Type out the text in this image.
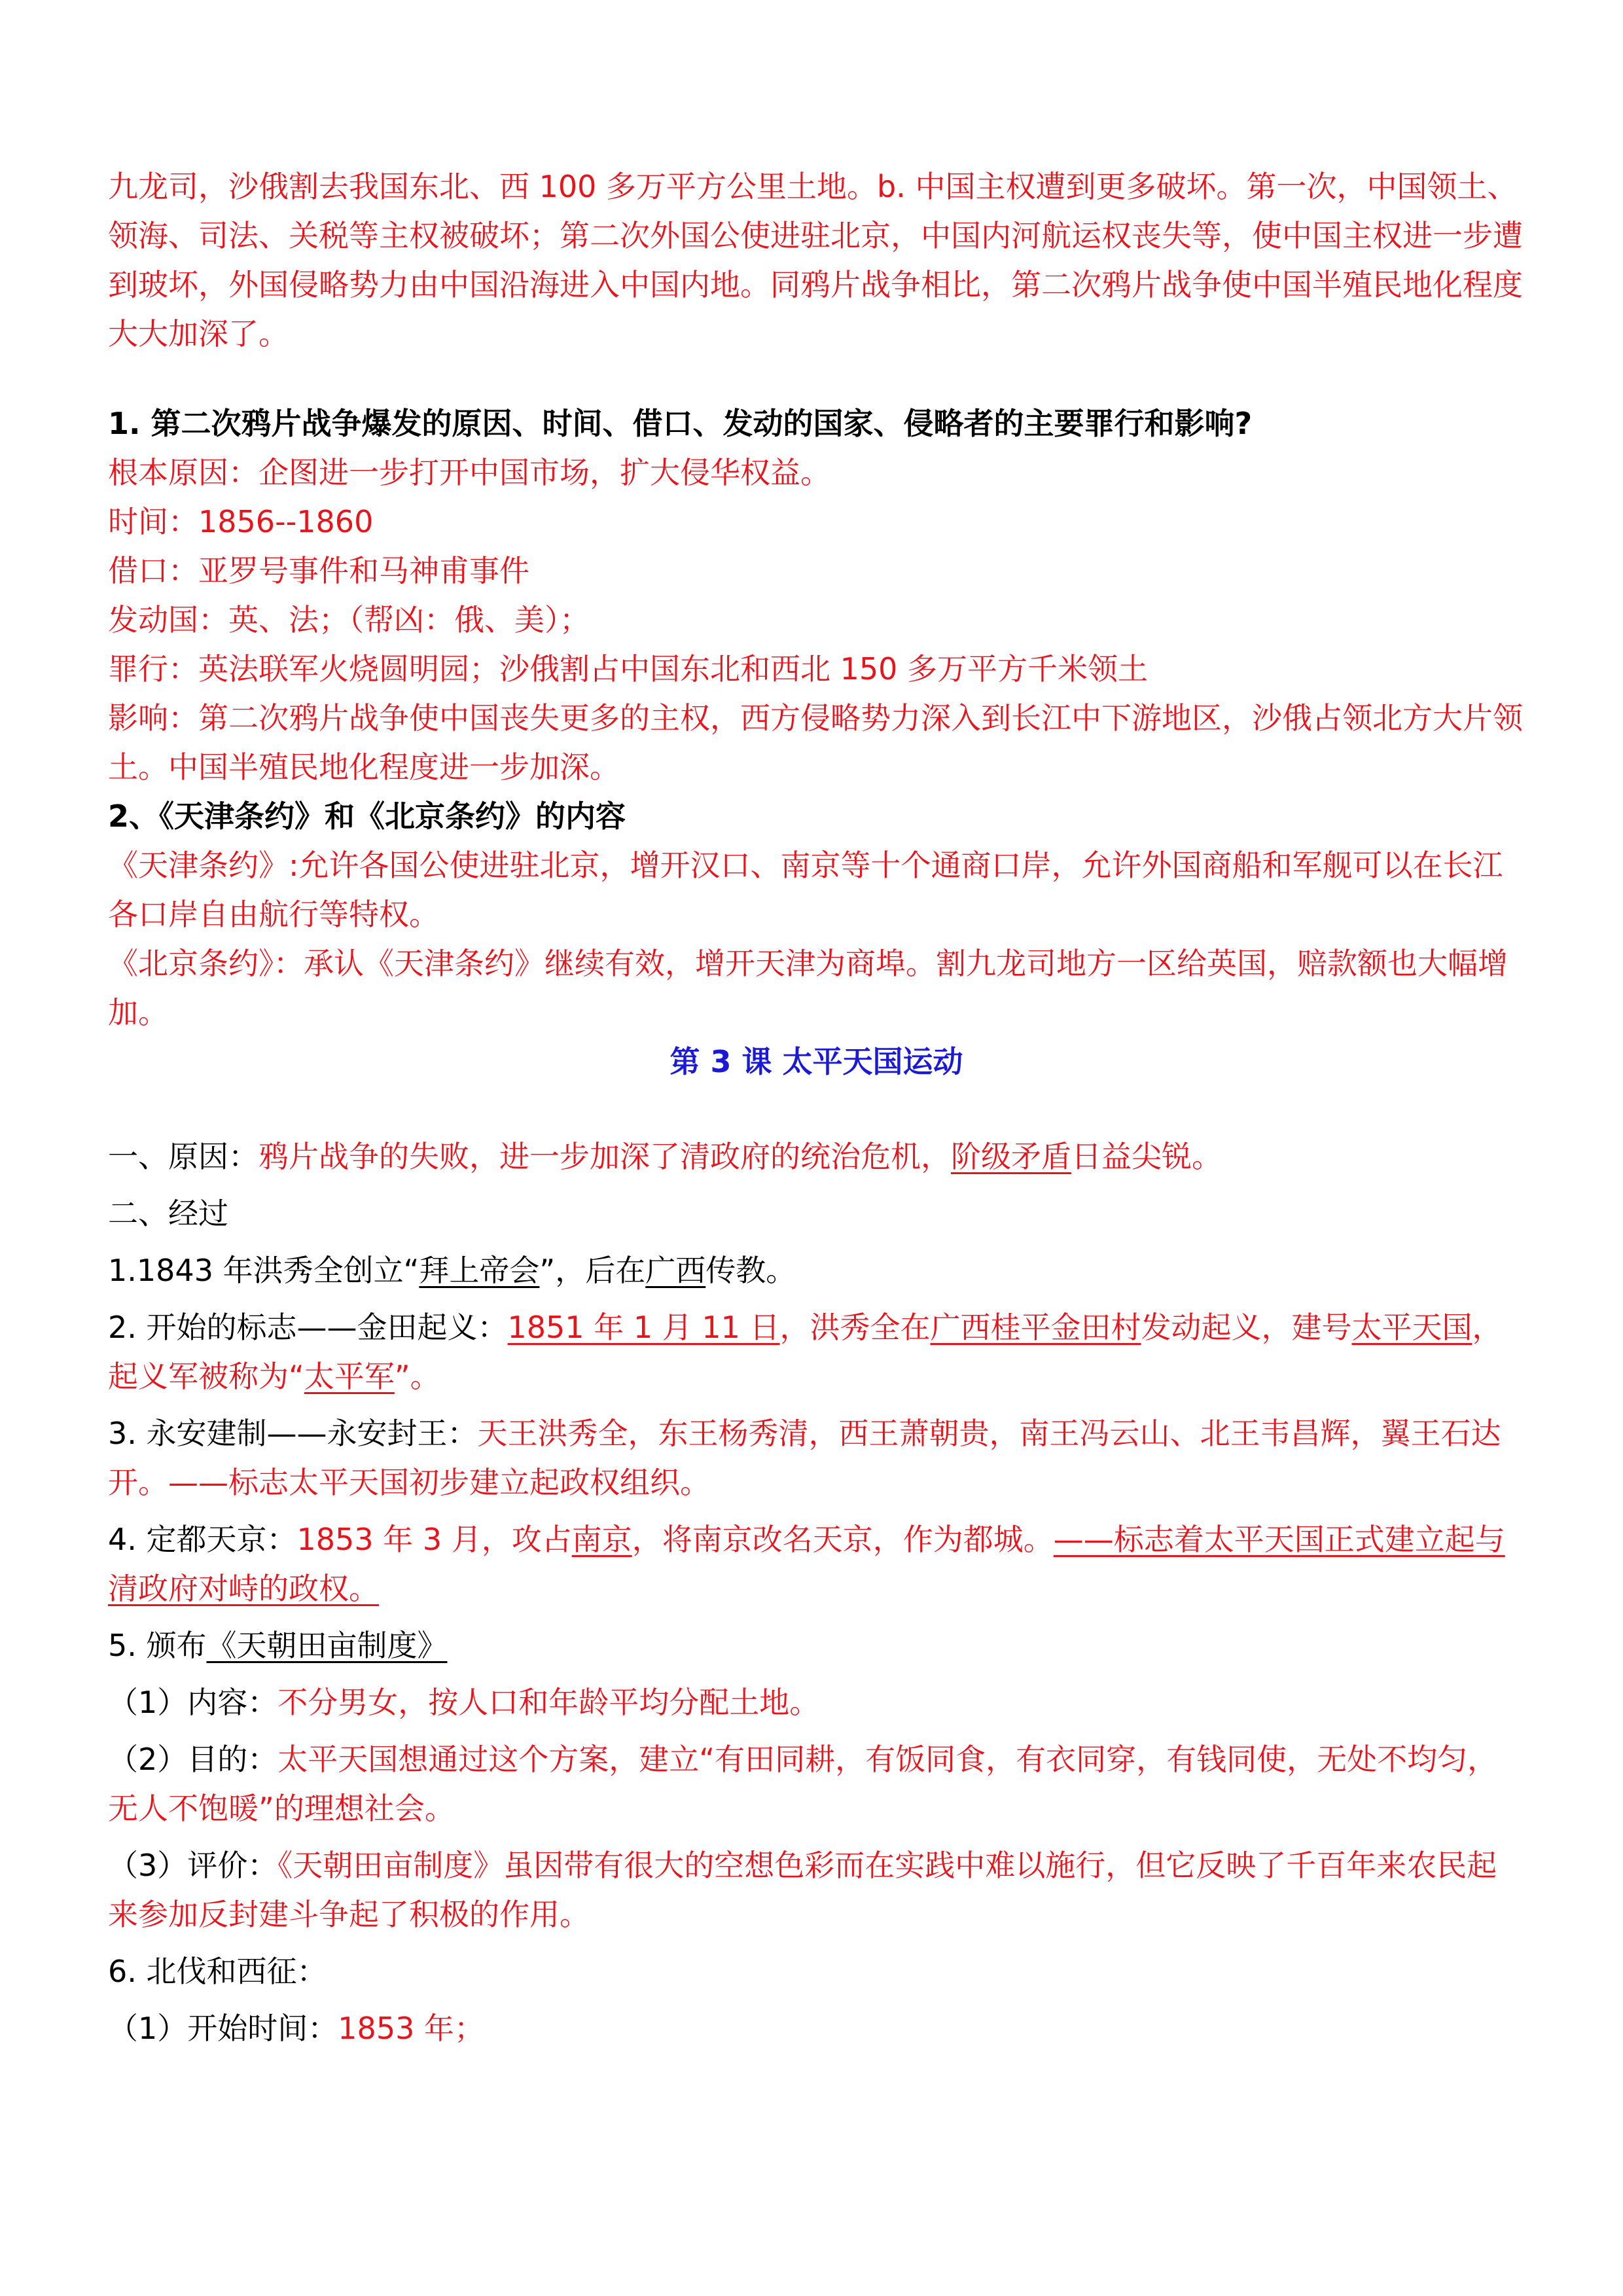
九龙司，沙俄割去我国东北、西 100 多万平方公里土地。b. 中国主权遭到更多破坏。第一次，中国领土、领海、司法、关税等主权被破坏；第二次外国公使进驻北京，中国内河航运权丧失等，使中国主权进一步遭到玻坏，外国侵略势力由中国沿海进入中国内地。同鸦片战争相比，第二次鸦片战争使中国半殖民地化程度大大加深了。

1. 第二次鸦片战争爆发的原因、时间、借口、发动的国家、侵略者的主要罪行和影响?

根本原因：企图进一步打开中国市场，扩大侵华权益。

时间：1856--1860

借口：亚罗号事件和马神甫事件

发动国：英、法；（帮凶：俄、美）；

罪行：英法联军火烧圆明园；沙俄割占中国东北和西北 150 多万平方千米领土

影响：第二次鸦片战争使中国丧失更多的主权，西方侵略势力深入到长江中下游地区，沙俄占领北方大片领土。中国半殖民地化程度进一步加深。

2、《天津条约》和《北京条约》的内容

《天津条约》:允许各国公使进驻北京，增开汉口、南京等十个通商口岸，允许外国商船和军舰可以在长江各口岸自由航行等特权。

《北京条约》：承认《天津条约》继续有效，增开天津为商埠。割九龙司地方一区给英国，赔款额也大幅增加。

第 3 课 太平天国运动

一、原因：鸦片战争的失败，进一步加深了清政府的统治危机，阶级矛盾日益尖锐。

二、经过

1.1843 年洪秀全创立“拜上帝会”，后在广西传教。

2. 开始的标志——金田起义：1851 年 1 月 11 日，洪秀全在广西桂平金田村发动起义，建号太平天国，起义军被称为“太平军”。

3. 永安建制——永安封王：天王洪秀全，东王杨秀清，西王萧朝贵，南王冯云山、北王韦昌辉，翼王石达开。——标志太平天国初步建立起政权组织。

4. 定都天京：1853 年 3 月，攻占南京，将南京改名天京，作为都城。——标志着太平天国正式建立起与清政府对峙的政权。

5. 颁布《天朝田亩制度》

（1）内容：不分男女，按人口和年龄平均分配土地。

（2）目的：太平天国想通过这个方案，建立“有田同耕，有饭同食，有衣同穿，有钱同使，无处不均匀，无人不饱暖”的理想社会。

（3）评价：《天朝田亩制度》虽因带有很大的空想色彩而在实践中难以施行，但它反映了千百年来农民起来参加反封建斗争起了积极的作用。

6. 北伐和西征：

（1）开始时间：1853 年；
